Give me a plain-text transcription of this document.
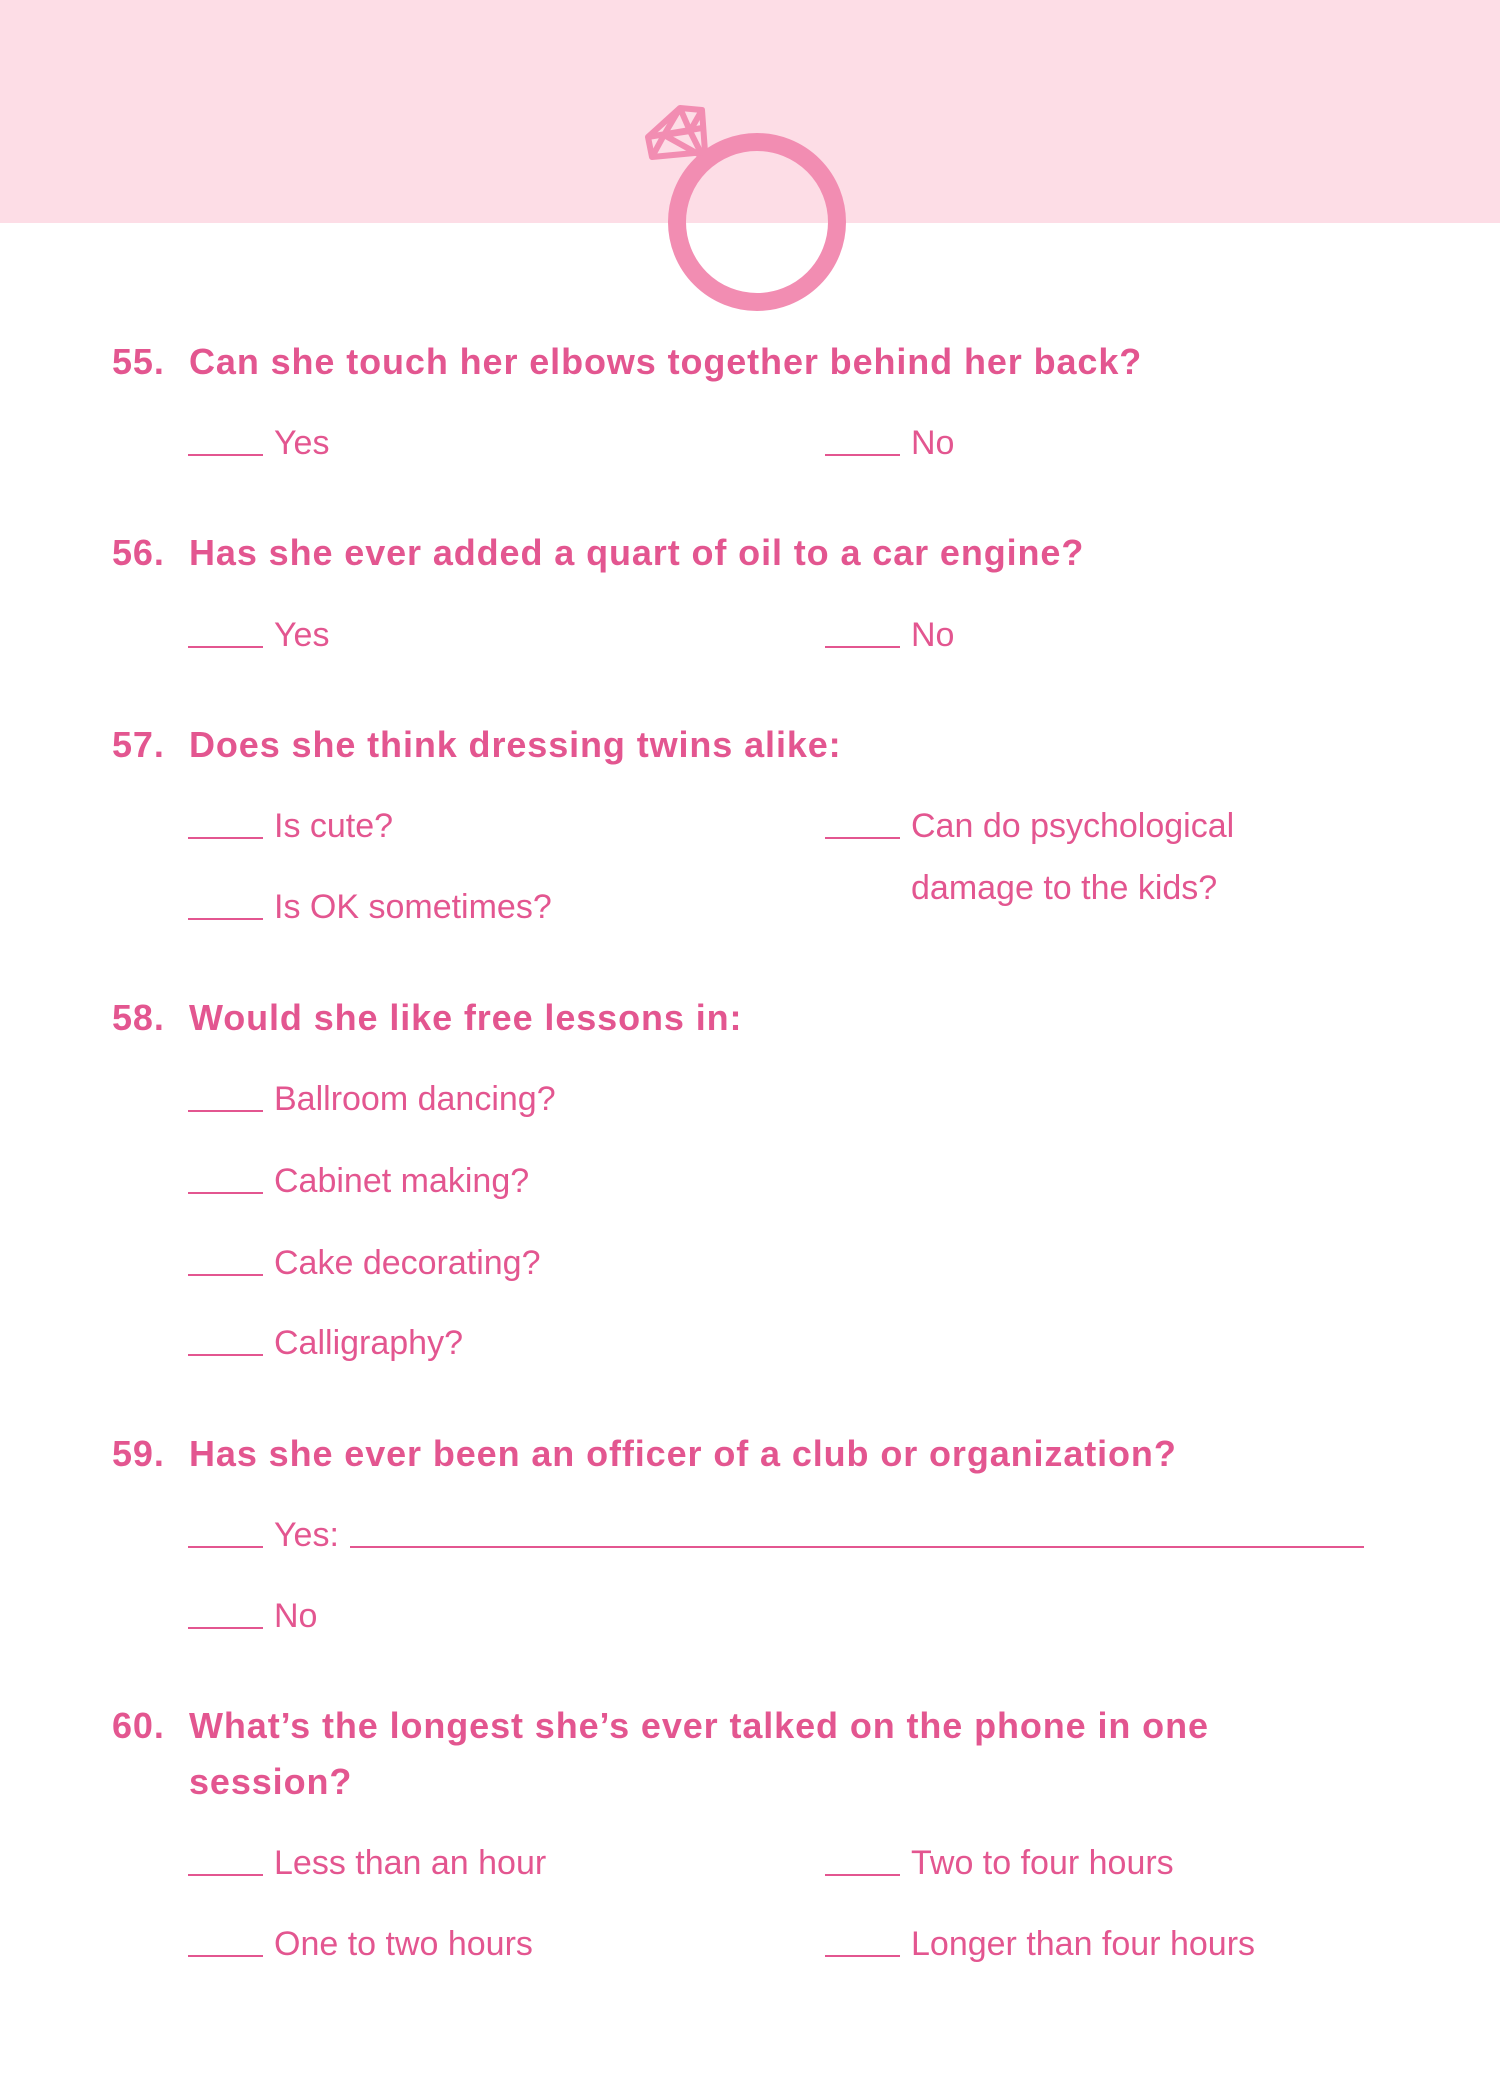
55. Can she touch her elbows together behind her back?
Yes	No
56. Has she ever added a quart of oil to a car engine?
Yes	No
57. Does she think dressing twins alike:
Is cute?
Is OK sometimes?
Can do psychological
damage to the kids?
58. Would she like free lessons in:
Ballroom dancing?
Cabinet making?
Cake decorating?
Calligraphy?
59. Has she ever been an officer of a club or organization?
Yes:
No
60. What’s the longest she’s ever talked on the phone in one
session?
Less than an hour	Two to four hours
One to two hours	Longer than four hours
